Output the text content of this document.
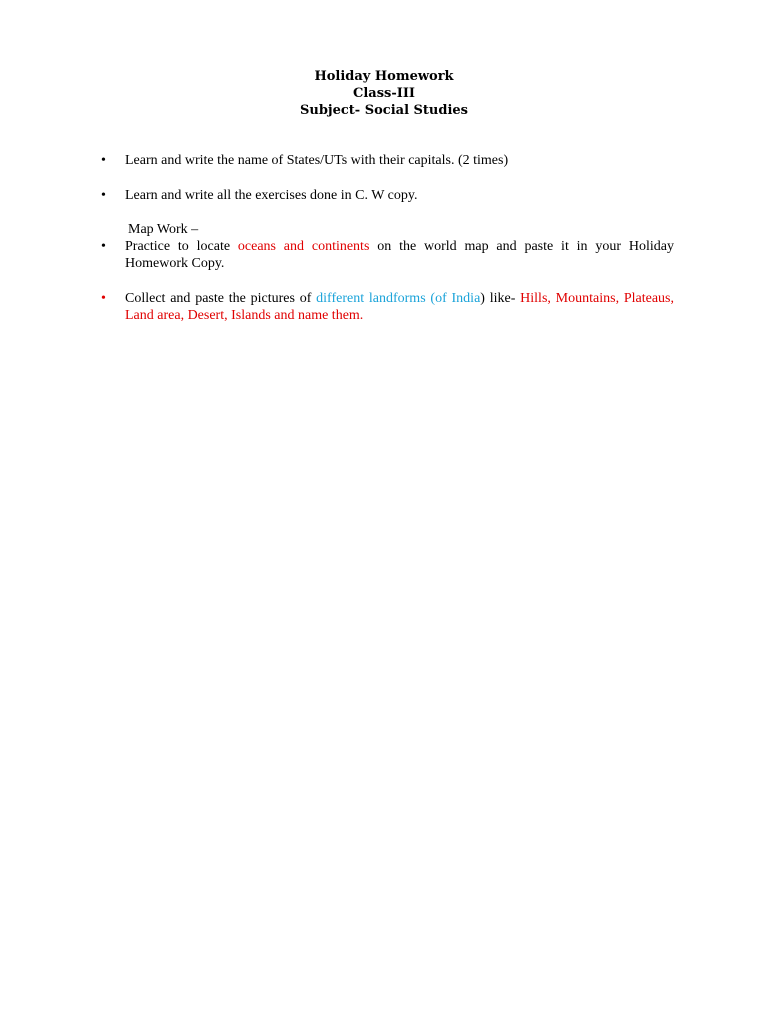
Holiday Homework
Class-III
Subject- Social Studies
•	Learn and write the name of States/UTs with their capitals. (2 times)
•	Learn and write all the exercises done in C. W copy.
Map Work –
•	Practice to locate oceans and continents on the world map and paste it in your Holiday Homework Copy.
•	Collect and paste the pictures of different landforms (of India) like- Hills, Mountains, Plateaus, Land area, Desert, Islands and name them.
